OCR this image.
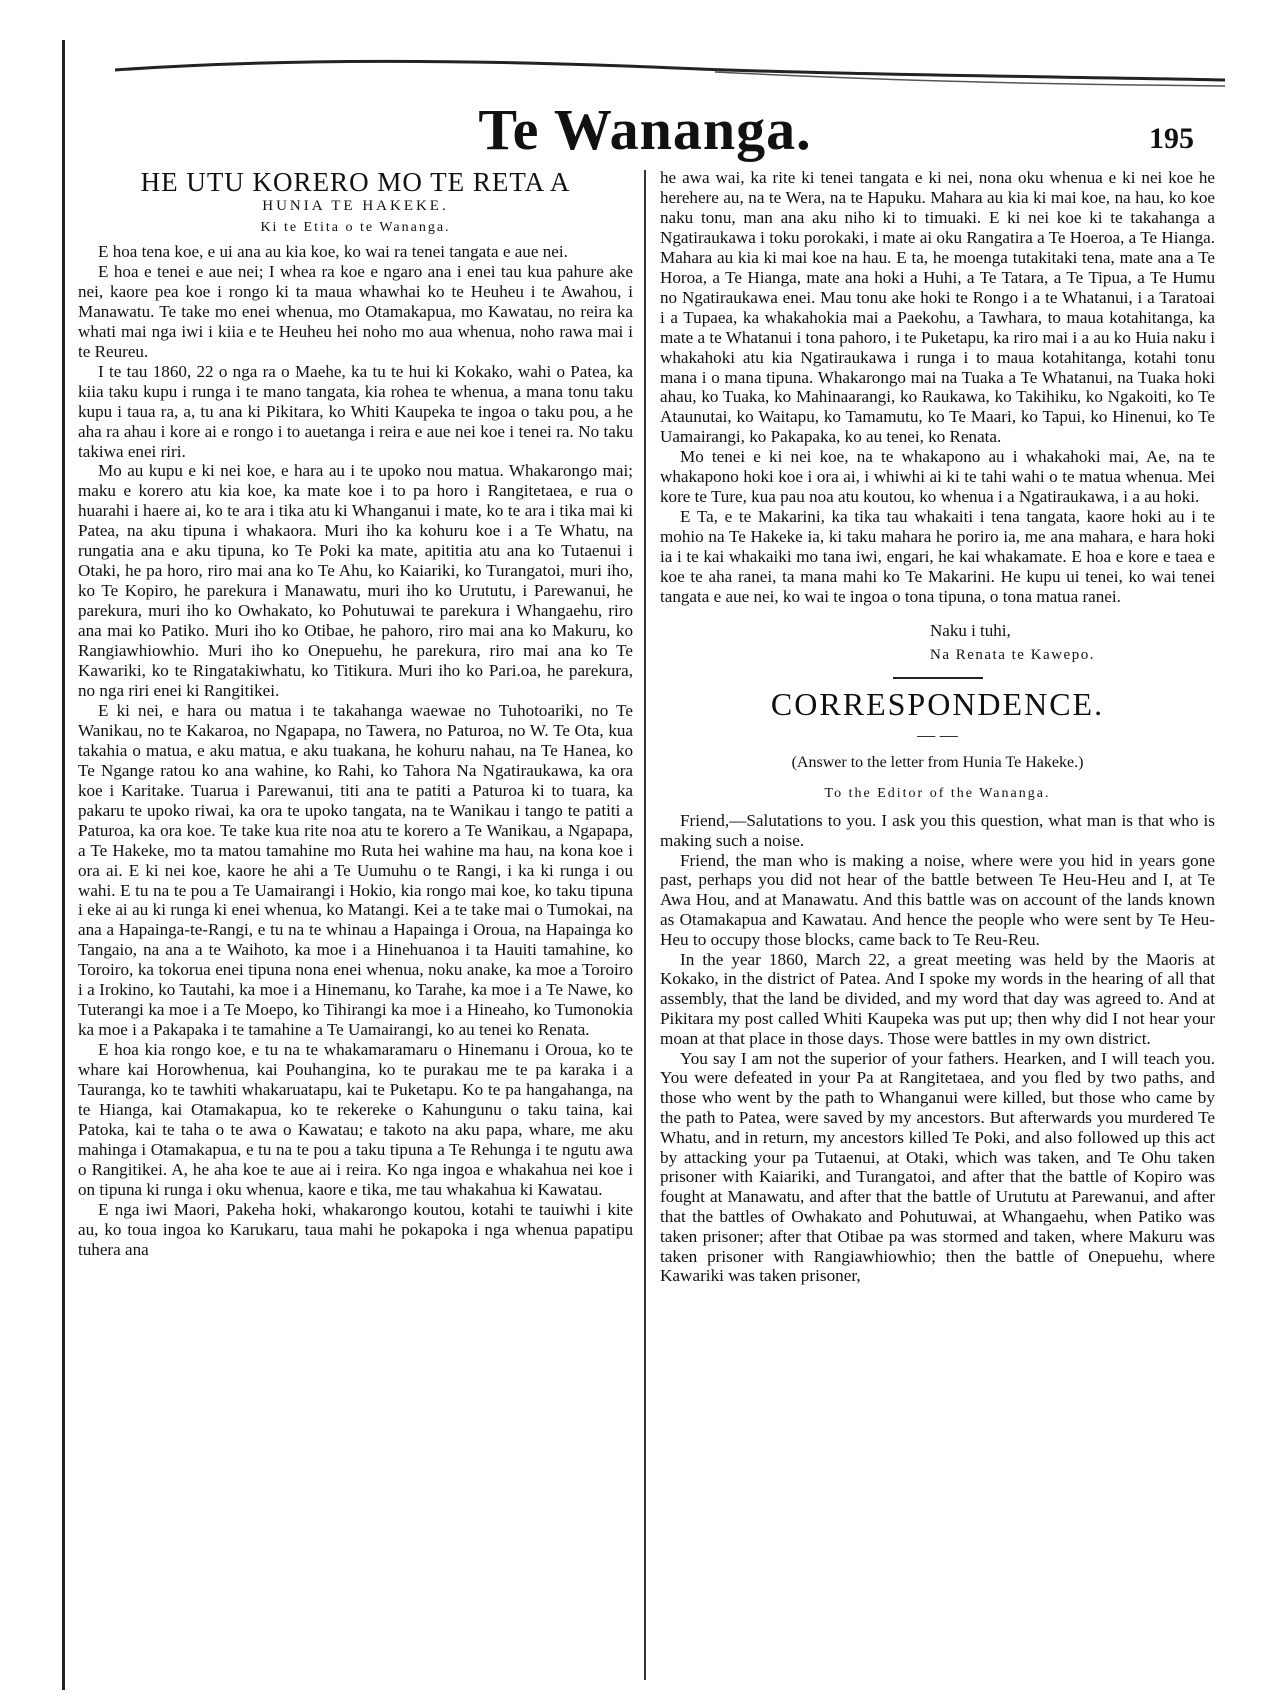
Te Wananga.	195
HE UTU KORERO MO TE RETA A
HUNIA TE HAKEKE.
Ki te Etita o te Wananga.

E hoa tena koe, e ui ana au kia koe, ko wai ra tenei tangata e aue nei.

E hoa e tenei e aue nei; I whea ra koe e ngaro ana i enei tau kua pahure ake nei, kaore pea koe i rongo ki ta maua whawhai ko te Heuheu i te Awahou, i Manawatu. Te take mo enei whenua, mo Otamakapua, mo Kawatau, no reira ka whati mai nga iwi i kiia e te Heuheu hei noho mo aua whenua, noho rawa mai i te Reureu.

I te tau 1860, 22 o nga ra o Maehe, ka tu te hui ki Kokako, wahi o Patea, ka kiia taku kupu i runga i te mano tangata, kia rohea te whenua, a mana tonu taku kupu i taua ra, a, tu ana ki Pikitara, ko Whiti Kaupeka te ingoa o taku pou, a he aha ra ahau i kore ai e rongo i to auetanga i reira e aue nei koe i tenei ra. No taku takiwa enei riri.

Mo au kupu e ki nei koe, e hara au i te upoko nou matua. Whakarongo mai; maku e korero atu kia koe, ka mate koe i to pa horo i Rangitetaea, e rua o huarahi i haere ai, ko te ara i tika atu ki Whanganui i mate, ko te ara i tika mai ki Patea, na aku tipuna i whakaora. Muri iho ka kohuru koe i a Te Whatu, na rungatia ana e aku tipuna, ko Te Poki ka mate, apititia atu ana ko Tutaenui i Otaki, he pa horo, riro mai ana ko Te Ahu, ko Kaiariki, ko Turangatoi, muri iho, ko Te Kopiro, he parekura i Manawatu, muri iho ko Urututu, i Parewanui, he parekura, muri iho ko Owhakato, ko Pohutuwai te parekura i Whangaehu, riro ana mai ko Patiko. Muri iho ko Otibae, he pahoro, riro mai ana ko Makuru, ko Rangiawhiowhio. Muri iho ko Onepuehu, he parekura, riro mai ana ko Te Kawariki, ko te Ringatakiwhatu, ko Titikura. Muri iho ko Pari.oa, he parekura, no nga riri enei ki Rangitikei.

E ki nei, e hara ou matua i te takahanga waewae no Tuhotoariki, no Te Wanikau, no te Kakaroa, no Ngapapa, no Tawera, no Paturoa, no W. Te Ota, kua takahia o matua, e aku matua, e aku tuakana, he kohuru nahau, na Te Hanea, ko Te Ngange ratou ko ana wahine, ko Rahi, ko Tahora Na Ngatiraukawa, ka ora koe i Karitake. Tuarua i Parewanui, titi ana te patiti a Paturoa ki to tuara, ka pakaru te upoko riwai, ka ora te upoko tangata, na te Wanikau i tango te patiti a Paturoa, ka ora koe. Te take kua rite noa atu te korero a Te Wanikau, a Ngapapa, a Te Hakeke, mo ta matou tamahine mo Ruta hei wahine ma hau, na kona koe i ora ai. E ki nei koe, kaore he ahi a Te Uumuhu o te Rangi, i ka ki runga i ou wahi. E tu na te pou a Te Uamairangi i Hokio, kia rongo mai koe, ko taku tipuna i eke ai au ki runga ki enei whenua, ko Matangi. Kei a te take mai o Tumokai, na ana a Hapainga-te-Rangi, e tu na te whinau a Hapainga i Oroua, na Hapainga ko Tangaio, na ana a te Waihoto, ka moe i a Hinehuanoa i ta Hauiti tamahine, ko Toroiro, ka tokorua enei tipuna nona enei whenua, noku anake, ka moe a Toroiro i a Irokino, ko Tautahi, ka moe i a Hinemanu, ko Tarahe, ka moe i a Te Nawe, ko Tuterangi ka moe i a Te Moepo, ko Tihirangi ka moe i a Hineaho, ko Tumonokia ka moe i a Pakapaka i te tamahine a Te Uamairangi, ko au tenei ko Renata.

E hoa kia rongo koe, e tu na te whakamaramaru o Hinemanu i Oroua, ko te whare kai Horowhenua, kai Pouhangina, ko te purakau me te pa karaka i a Tauranga, ko te tawhiti whakaruatapu, kai te Puketapu. Ko te pa hangahanga, na te Hianga, kai Otamakapua, ko te rekereke o Kahungunu o taku taina, kai Patoka, kai te taha o te awa o Kawatau; e takoto na aku papa, whare, me aku mahinga i Otamakapua, e tu na te pou a taku tipuna a Te Rehunga i te ngutu awa o Rangitikei. A, he aha koe te aue ai i reira. Ko nga ingoa e whakahua nei koe i on tipuna ki runga i oku whenua, kaore e tika, me tau whakahua ki Kawatau.

E nga iwi Maori, Pakeha hoki, whakarongo koutou, kotahi te tauiwhi i kite au, ko toua ingoa ko Karukaru, taua mahi he pokapoka i nga whenua papatipu tuhera ana

he awa wai, ka rite ki tenei tangata e ki nei, nona oku whenua e ki nei koe he herehere au, na te Wera, na te Hapuku. Mahara au kia ki mai koe, na hau, ko koe naku tonu, man ana aku niho ki to timuaki. E ki nei koe ki te takahanga a Ngatiraukawa i toku porokaki, i mate ai oku Rangatira a Te Hoeroa, a Te Hianga. Mahara au kia ki mai koe na hau. E ta, he moenga tutakitaki tena, mate ana a Te Horoa, a Te Hianga, mate ana hoki a Huhi, a Te Tatara, a Te Tipua, a Te Humu no Ngatiraukawa enei. Mau tonu ake hoki te Rongo i a te Whatanui, i a Taratoai i a Tupaea, ka whakahokia mai a Paekohu, a Tawhara, to maua kotahitanga, ka mate a te Whatanui i tona pahoro, i te Puketapu, ka riro mai i a au ko Huia naku i whakahoki atu kia Ngatiraukawa i runga i to maua kotahitanga, kotahi tonu mana i o mana tipuna. Whakarongo mai na Tuaka a Te Whatanui, na Tuaka hoki ahau, ko Tuaka, ko Mahinaarangi, ko Raukawa, ko Takihiku, ko Ngakoiti, ko Te Ataunutai, ko Waitapu, ko Tamamutu, ko Te Maari, ko Tapui, ko Hinenui, ko Te Uamairangi, ko Pakapaka, ko au tenei, ko Renata.

Mo tenei e ki nei koe, na te whakapono au i whakahoki mai, Ae, na te whakapono hoki koe i ora ai, i whiwhi ai ki te tahi wahi o te matua whenua. Mei kore te Ture, kua pau noa atu koutou, ko whenua i a Ngatiraukawa, i a au hoki.

E Ta, e te Makarini, ka tika tau whakaiti i tena tangata, kaore hoki au i te mohio na Te Hakeke ia, ki taku mahara he poriro ia, me ana mahara, e hara hoki ia i te kai whakaiki mo tana iwi, engari, he kai whakamate. E hoa e kore e taea e koe te aha ranei, ta mana mahi ko Te Makarini. He kupu ui tenei, ko wai tenei tangata e aue nei, ko wai te ingoa o tona tipuna, o tona matua ranei.

Naku i tuhi,
Na Renata te Kawepo.
CORRESPONDENCE.
— —
(Answer to the letter from Hunia Te Hakeke.)
To the Editor of the Wananga.

Friend,—Salutations to you. I ask you this question, what man is that who is making such a noise.

Friend, the man who is making a noise, where were you hid in years gone past, perhaps you did not hear of the battle between Te Heu-Heu and I, at Te Awa Hou, and at Manawatu. And this battle was on account of the lands known as Otamakapua and Kawatau. And hence the people who were sent by Te Heu-Heu to occupy those blocks, came back to Te Reu-Reu.

In the year 1860, March 22, a great meeting was held by the Maoris at Kokako, in the district of Patea. And I spoke my words in the hearing of all that assembly, that the land be divided, and my word that day was agreed to. And at Pikitara my post called Whiti Kaupeka was put up; then why did I not hear your moan at that place in those days. Those were battles in my own district.

You say I am not the superior of your fathers. Hearken, and I will teach you. You were defeated in your Pa at Rangitetaea, and you fled by two paths, and those who went by the path to Whanganui were killed, but those who came by the path to Patea, were saved by my ancestors. But afterwards you murdered Te Whatu, and in return, my ancestors killed Te Poki, and also followed up this act by attacking your pa Tutaenui, at Otaki, which was taken, and Te Ohu taken prisoner with Kaiariki, and Turangatoi, and after that the battle of Kopiro was fought at Manawatu, and after that the battle of Urututu at Parewanui, and after that the battles of Owhakato and Pohutuwai, at Whangaehu, when Patiko was taken prisoner; after that Otibae pa was stormed and taken, where Makuru was taken prisoner with Rangiawhiowhio; then the battle of Onepuehu, where Kawariki was taken prisoner,
